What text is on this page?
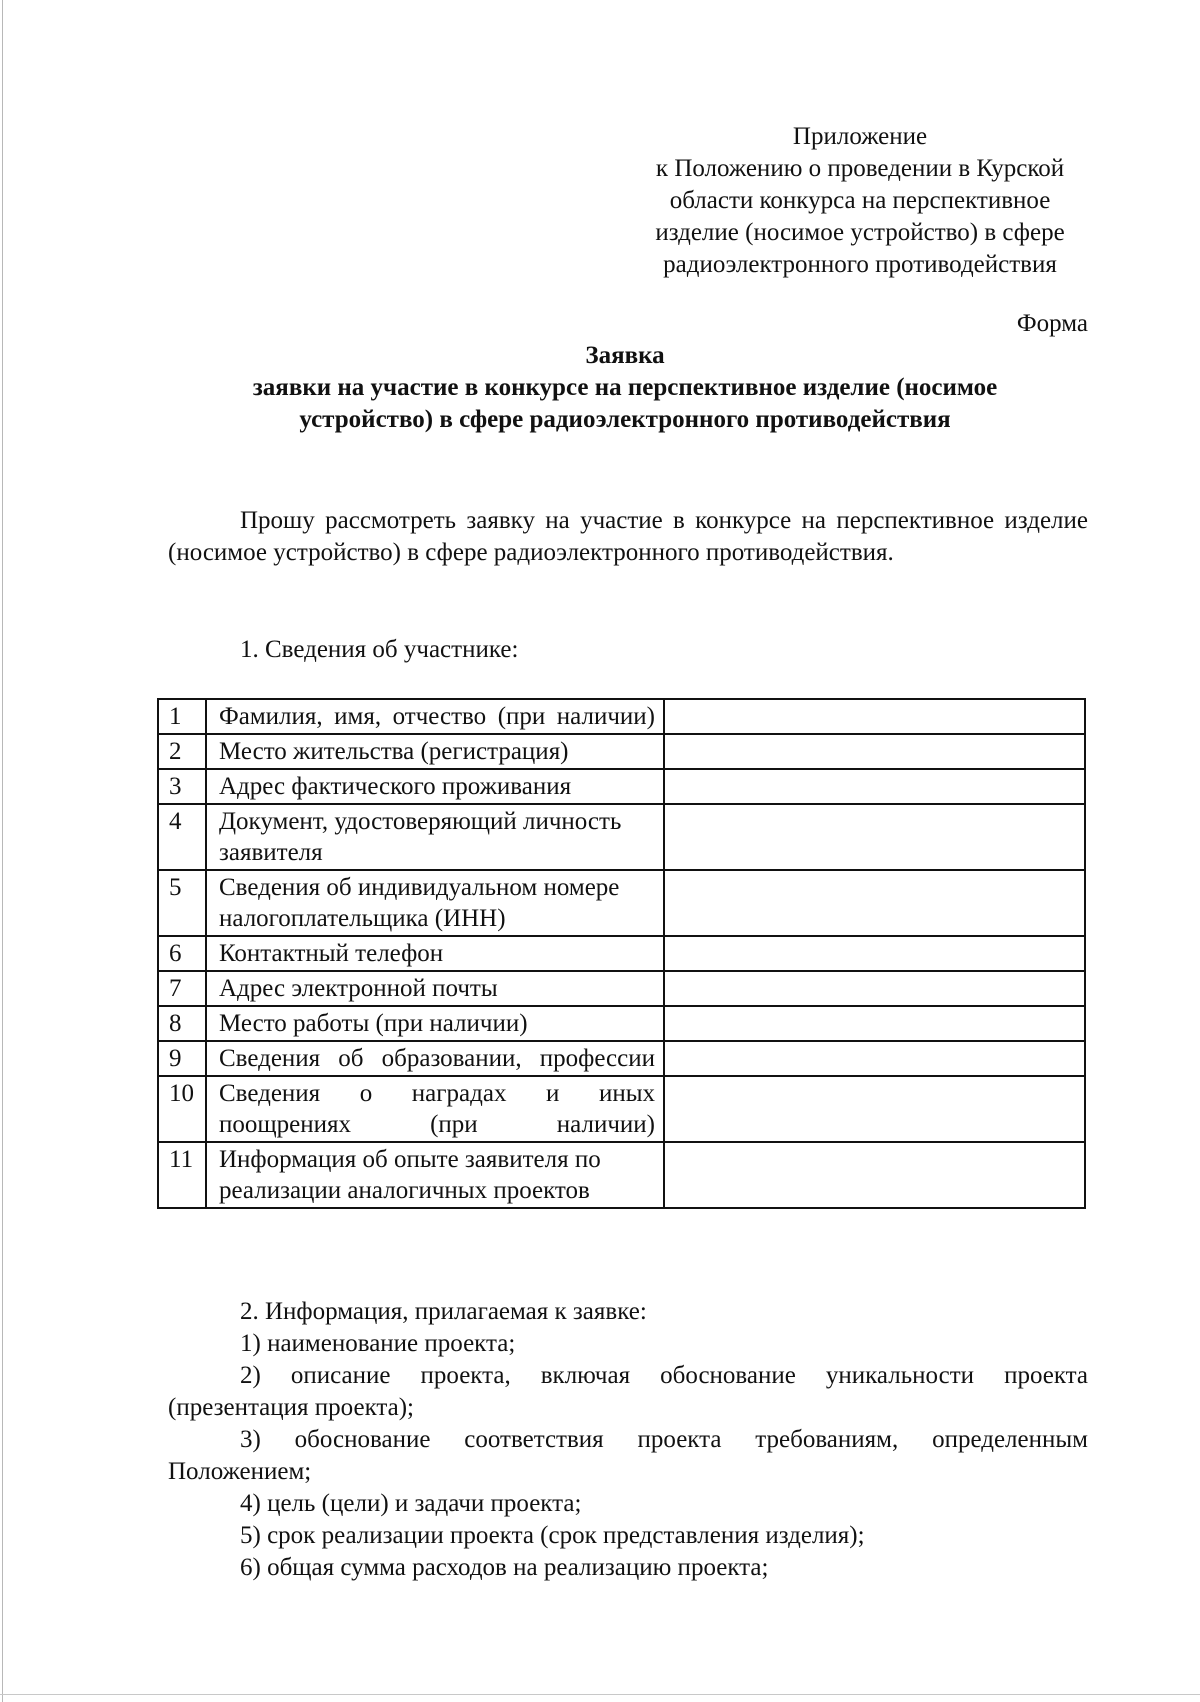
Приложение
к Положению о проведении в Курской
области конкурса на перспективное
изделие (носимое устройство) в сфере
радиоэлектронного противодействия
Форма
Заявка
заявки на участие в конкурсе на перспективное изделие (носимое
устройство) в сфере радиоэлектронного противодействия
Прошу рассмотреть заявку на участие в конкурсе на перспективное изделие (носимое устройство) в сфере радиоэлектронного противодействия.
1. Сведения об участнике:
1	Фамилия, имя, отчество (при наличии)	
2	Место жительства (регистрация)	
3	Адрес фактического проживания	
4	Документ, удостоверяющий личность заявителя	
5	Сведения об индивидуальном номере налогоплательщика (ИНН)	
6	Контактный телефон	
7	Адрес электронной почты	
8	Место работы (при наличии)	
9	Сведения об образовании, профессии	
10	Сведения о наградах и иных поощрениях (при наличии)	
11	Информация об опыте заявителя по реализации аналогичных проектов	
2. Информация, прилагаемая к заявке:
1) наименование проекта;
2) описание проекта, включая обоснование уникальности проекта (презентация проекта);
3) обоснование соответствия проекта требованиям, определенным Положением;
4) цель (цели) и задачи проекта;
5) срок реализации проекта (срок представления изделия);
6) общая сумма расходов на реализацию проекта;
